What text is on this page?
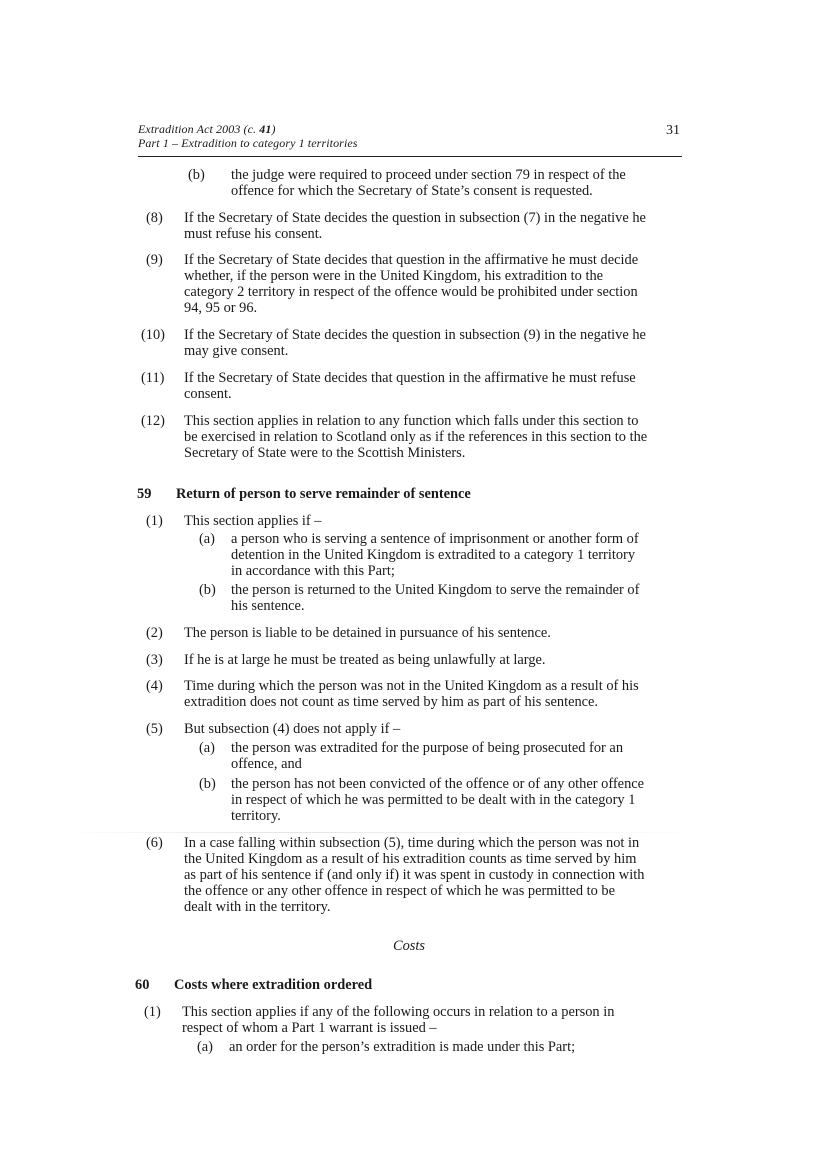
Extradition Act 2003 (c. 41)
Part 1 – Extradition to category 1 territories
31
(b)	the judge were required to proceed under section 79 in respect of the
offence for which the Secretary of State’s consent is requested.
(8)	If the Secretary of State decides the question in subsection (7) in the negative he
must refuse his consent.
(9)	If the Secretary of State decides that question in the affirmative he must decide
whether, if the person were in the United Kingdom, his extradition to the
category 2 territory in respect of the offence would be prohibited under section
94, 95 or 96.
(10)	If the Secretary of State decides the question in subsection (9) in the negative he
may give consent.
(11)	If the Secretary of State decides that question in the affirmative he must refuse
consent.
(12)	This section applies in relation to any function which falls under this section to
be exercised in relation to Scotland only as if the references in this section to the
Secretary of State were to the Scottish Ministers.
59 Return of person to serve remainder of sentence
(1)	This section applies if –
(a)	a person who is serving a sentence of imprisonment or another form of
detention in the United Kingdom is extradited to a category 1 territory
in accordance with this Part;
(b)	the person is returned to the United Kingdom to serve the remainder of
his sentence.
(2)	The person is liable to be detained in pursuance of his sentence.
(3)	If he is at large he must be treated as being unlawfully at large.
(4)	Time during which the person was not in the United Kingdom as a result of his
extradition does not count as time served by him as part of his sentence.
(5)	But subsection (4) does not apply if –
(a)	the person was extradited for the purpose of being prosecuted for an
offence, and
(b)	the person has not been convicted of the offence or of any other offence
in respect of which he was permitted to be dealt with in the category 1
territory.
(6)	In a case falling within subsection (5), time during which the person was not in
the United Kingdom as a result of his extradition counts as time served by him
as part of his sentence if (and only if) it was spent in custody in connection with
the offence or any other offence in respect of which he was permitted to be
dealt with in the territory.
Costs
60 Costs where extradition ordered
(1)	This section applies if any of the following occurs in relation to a person in
respect of whom a Part 1 warrant is issued –
(a)	an order for the person’s extradition is made under this Part;
